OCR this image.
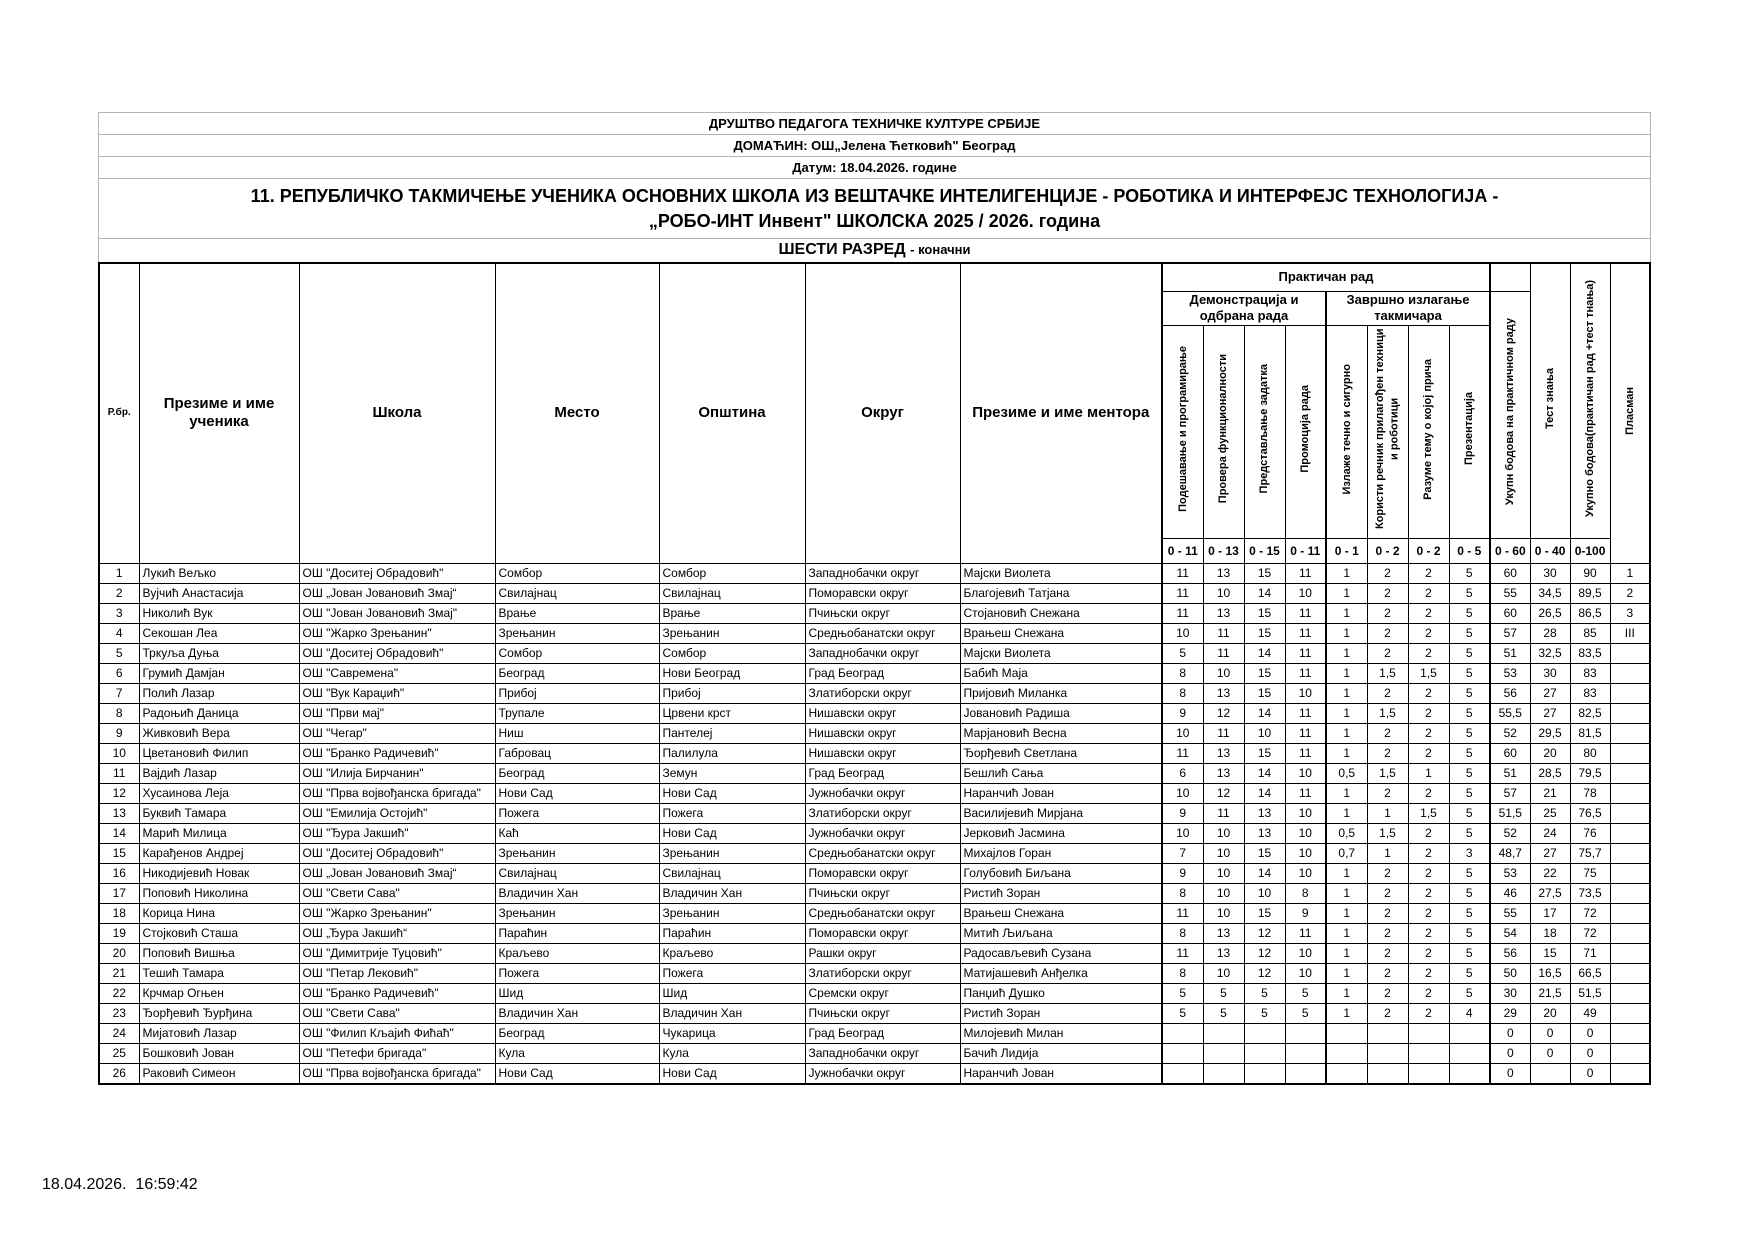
ДРУШТВО ПЕДАГОГА ТЕХНИЧКЕ КУЛТУРЕ СРБИЈЕ
ДОМАЋИН: ОШ„Јелена Ћетковић" Београд
Датум: 18.04.2026. године
11. РЕПУБЛИЧКО ТАКМИЧЕЊЕ УЧЕНИКА ОСНОВНИХ ШКОЛА ИЗ ВЕШТАЧКЕ ИНТЕЛИГЕНЦИЈЕ - РОБОТИКА И ИНТЕРФЕЈС ТЕХНОЛОГИЈА -
„РОБО-ИНТ Инвент" ШКОЛСКА 2025 / 2026. година
ШЕСТИ РАЗРЕД - коначни
Р.бр.	Презиме и име ученика	Школа	Место	Општина	Округ	Презиме и име ментора	Практичан рад									Тест знања	Укупно бодова(практичан рад +тест тнања)	Пласман
							Демонстрација и одбрана рада				Завршно излагање такмичара				Укупн бодова на практичном раду			
							Подешавање и програмирање	Провера функционалности	Представљање задатка	Промоција рада	Излаже течно и сигурно	Користи речник прилагођен техници и роботици	Разуме тему о којој прича	Презентација				
							0 - 11	0 - 13	0 - 15	0 - 11	0 - 1	0 - 2	0 - 2	0 - 5	0 - 60	0 - 40	0-100	
1	Лукић Вељко	ОШ "Доситеј Обрадовић"	Сомбор	Сомбор	Западнобачки округ	Мајски Виолета	11	13	15	11	1	2	2	5	60	30	90	1
2	Вујчић Анастасија	ОШ „Јован Јовановић Змај“	Свилајнац	Свилајнац	Поморавски округ	Благојевић Татјана	11	10	14	10	1	2	2	5	55	34,5	89,5	2
3	Николић Вук	ОШ "Јован Јовановић Змај"	Врање	Врање	Пчињски округ	Стојановић Снежана	11	13	15	11	1	2	2	5	60	26,5	86,5	3
4	Секошан Леа	ОШ "Жарко Зрењанин"	Зрењанин	Зрењанин	Средњобанатски округ	Врањеш Снежана	10	11	15	11	1	2	2	5	57	28	85	III
5	Тркуља Дуња	ОШ "Доситеј Обрадовић"	Сомбор	Сомбор	Западнобачки округ	Мајски Виолета	5	11	14	11	1	2	2	5	51	32,5	83,5	
6	Грумић Дамјан	ОШ "Савремена"	Београд	Нови Београд	Град Београд	Бабић Маја	8	10	15	11	1	1,5	1,5	5	53	30	83	
7	Полић Лазар	ОШ "Вук Караџић"	Прибој	Прибој	Златиборски округ	Пријовић Миланка	8	13	15	10	1	2	2	5	56	27	83	
8	Радоњић Даница	ОШ "Први мај"	Трупале	Црвени крст	Нишавски округ	Јовановић Радиша	9	12	14	11	1	1,5	2	5	55,5	27	82,5	
9	Живковић Вера	ОШ "Чегар"	Ниш	Пантелеј	Нишавски округ	Марјановић Весна	10	11	10	11	1	2	2	5	52	29,5	81,5	
10	Цветановић Филип	ОШ "Бранко Радичевић"	Габровац	Палилула	Нишавски округ	Ђорђевић Светлана	11	13	15	11	1	2	2	5	60	20	80	
11	Вајдић Лазар	ОШ "Илија Бирчанин"	Београд	Земун	Град Београд	Бешлић Сања	6	13	14	10	0,5	1,5	1	5	51	28,5	79,5	
12	Хусаинова Леја	ОШ "Прва војвођанска бригада"	Нови Сад	Нови Сад	Јужнобачки округ	Наранчић Јован	10	12	14	11	1	2	2	5	57	21	78	
13	Буквић Тамара	ОШ "Емилија Остојић"	Пожега	Пожега	Златиборски округ	Василијевић Мирјана	9	11	13	10	1	1	1,5	5	51,5	25	76,5	
14	Марић Милица	ОШ "Ђура Јакшић"	Каћ	Нови Сад	Јужнобачки округ	Јерковић Јасмина	10	10	13	10	0,5	1,5	2	5	52	24	76	
15	Карађенов Андреј	ОШ "Доситеј Обрадовић"	Зрењанин	Зрењанин	Средњобанатски округ	Михајлов Горан	7	10	15	10	0,7	1	2	3	48,7	27	75,7	
16	Никодијевић Новак	ОШ „Јован Јовановић Змај“	Свилајнац	Свилајнац	Поморавски округ	Голубовић Биљана	9	10	14	10	1	2	2	5	53	22	75	
17	Поповић Николина	ОШ "Свети Сава"	Владичин Хан	Владичин Хан	Пчињски округ	Ристић Зоран	8	10	10	8	1	2	2	5	46	27,5	73,5	
18	Корица Нина	ОШ "Жарко Зрењанин"	Зрењанин	Зрењанин	Средњобанатски округ	Врањеш Снежана	11	10	15	9	1	2	2	5	55	17	72	
19	Стојковић Сташа	ОШ „Ђура Јакшић“	Параћин	Параћин	Поморавски округ	Митић Љиљана	8	13	12	11	1	2	2	5	54	18	72	
20	Поповић Вишња	ОШ "Димитрије Туцовић"	Краљево	Краљево	Рашки округ	Радосављевић Сузана	11	13	12	10	1	2	2	5	56	15	71	
21	Тешић Тамара	ОШ "Петар Лековић"	Пожега	Пожега	Златиборски округ	Матијашевић Анђелка	8	10	12	10	1	2	2	5	50	16,5	66,5	
22	Крчмар Огњен	ОШ "Бранко Радичевић"	Шид	Шид	Сремски округ	Панџић Душко	5	5	5	5	1	2	2	5	30	21,5	51,5	
23	Ђорђевић Ђурђина	ОШ "Свети Сава"	Владичин Хан	Владичин Хан	Пчињски округ	Ристић Зоран	5	5	5	5	1	2	2	4	29	20	49	
24	Мијатовић Лазар	ОШ "Филип Кљајић Фићаћ"	Београд	Чукарица	Град Београд	Милојевић Милан									0	0	0	
25	Бошковић Јован	ОШ "Петефи бригада"	Кула	Кула	Западнобачки округ	Бачић Лидија									0	0	0	
26	Раковић Симеон	ОШ "Прва војвођанска бригада"	Нови Сад	Нови Сад	Јужнобачки округ	Наранчић Јован									0		0	
18.04.2026.  16:59:42
